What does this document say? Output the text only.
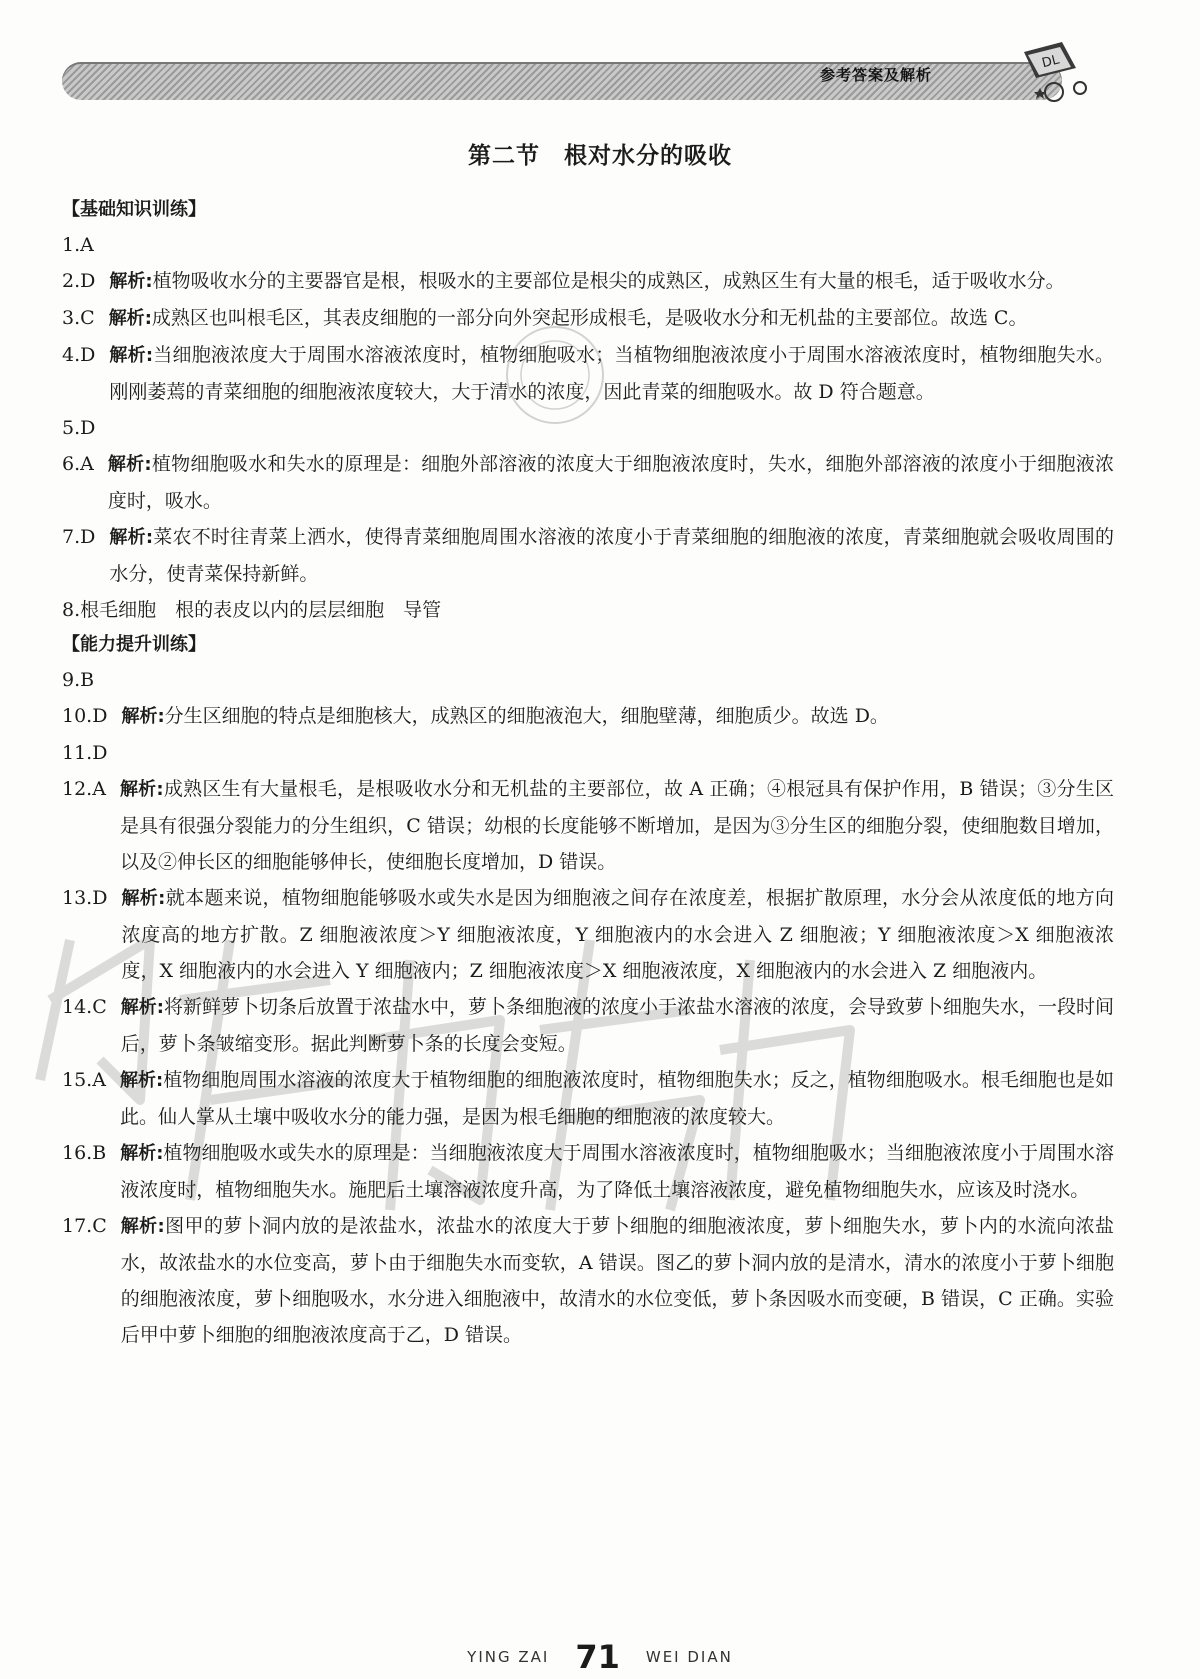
参考答案及解析
DL
第二节　根对水分的吸收
【基础知识训练】
1. A
2. D 解析:植物吸收水分的主要器官是根，根吸水的主要部位是根尖的成熟区，成熟区生有大量的根毛，适于吸收水分。
3. C 解析:成熟区也叫根毛区，其表皮细胞的一部分向外突起形成根毛，是吸收水分和无机盐的主要部位。故选 C。
4. D 解析:当细胞液浓度大于周围水溶液浓度时，植物细胞吸水；当植物细胞液浓度小于周围水溶液浓度时，植物细胞失水。刚刚萎蔫的青菜细胞的细胞液浓度较大，大于清水的浓度，因此青菜的细胞吸水。故 D 符合题意。
5. D
6. A 解析:植物细胞吸水和失水的原理是：细胞外部溶液的浓度大于细胞液浓度时，失水，细胞外部溶液的浓度小于细胞液浓度时，吸水。
7. D 解析:菜农不时往青菜上洒水，使得青菜细胞周围水溶液的浓度小于青菜细胞的细胞液的浓度，青菜细胞就会吸收周围的水分，使青菜保持新鲜。
8. 根毛细胞　根的表皮以内的层层细胞　导管
【能力提升训练】
9. B
10. D 解析:分生区细胞的特点是细胞核大，成熟区的细胞液泡大，细胞壁薄，细胞质少。故选 D。
11. D
12. A 解析:成熟区生有大量根毛，是根吸收水分和无机盐的主要部位，故 A 正确；④根冠具有保护作用，B 错误；③分生区是具有很强分裂能力的分生组织，C 错误；幼根的长度能够不断增加，是因为③分生区的细胞分裂，使细胞数目增加，以及②伸长区的细胞能够伸长，使细胞长度增加，D 错误。
13. D 解析:就本题来说，植物细胞能够吸水或失水是因为细胞液之间存在浓度差，根据扩散原理，水分会从浓度低的地方向浓度高的地方扩散。Z 细胞液浓度＞Y 细胞液浓度，Y 细胞液内的水会进入 Z 细胞液；Y 细胞液浓度＞X 细胞液浓度，X 细胞液内的水会进入 Y 细胞液内；Z 细胞液浓度＞X 细胞液浓度，X 细胞液内的水会进入 Z 细胞液内。
14. C 解析:将新鲜萝卜切条后放置于浓盐水中，萝卜条细胞液的浓度小于浓盐水溶液的浓度，会导致萝卜细胞失水，一段时间后，萝卜条皱缩变形。据此判断萝卜条的长度会变短。
15. A 解析:植物细胞周围水溶液的浓度大于植物细胞的细胞液浓度时，植物细胞失水；反之，植物细胞吸水。根毛细胞也是如此。仙人掌从土壤中吸收水分的能力强，是因为根毛细胞的细胞液的浓度较大。
16. B 解析:植物细胞吸水或失水的原理是：当细胞液浓度大于周围水溶液浓度时，植物细胞吸水；当细胞液浓度小于周围水溶液浓度时，植物细胞失水。施肥后土壤溶液浓度升高，为了降低土壤溶液浓度，避免植物细胞失水，应该及时浇水。
17. C 解析:图甲的萝卜洞内放的是浓盐水，浓盐水的浓度大于萝卜细胞的细胞液浓度，萝卜细胞失水，萝卜内的水流向浓盐水，故浓盐水的水位变高，萝卜由于细胞失水而变软，A 错误。图乙的萝卜洞内放的是清水，清水的浓度小于萝卜细胞的细胞液浓度，萝卜细胞吸水，水分进入细胞液中，故清水的水位变低，萝卜条因吸水而变硬，B 错误，C 正确。实验后甲中萝卜细胞的细胞液浓度高于乙，D 错误。
YING ZAI 71 WEI DIAN
